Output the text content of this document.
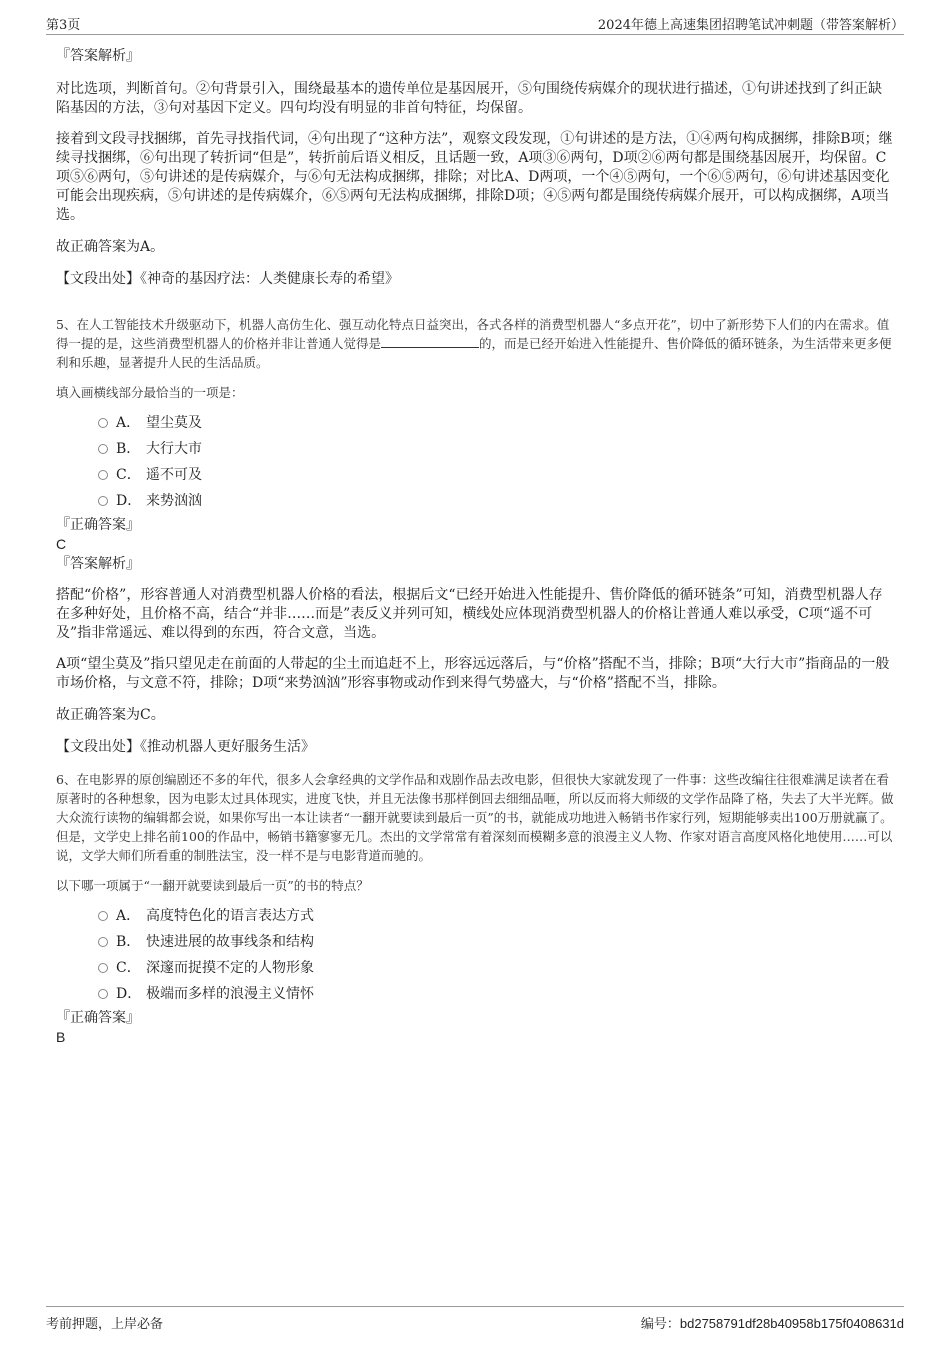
第3页	2024年德上高速集团招聘笔试冲刺题（带答案解析）

『答案解析』

对比选项，判断首句。②句背景引入，围绕最基本的遗传单位是基因展开，⑤句围绕传病媒介的现状进行描述，①句讲述找到了纠正缺陷基因的方法，③句对基因下定义。四句均没有明显的非首句特征，均保留。

接着到文段寻找捆绑，首先寻找指代词，④句出现了“这种方法”，观察文段发现，①句讲述的是方法，①④两句构成捆绑，排除B项；继续寻找捆绑，⑥句出现了转折词“但是”，转折前后语义相反，且话题一致，A项③⑥两句，D项②⑥两句都是围绕基因展开，均保留。C项⑤⑥两句，⑤句讲述的是传病媒介，与⑥句无法构成捆绑，排除；对比A、D两项，一个④⑤两句，一个⑥⑤两句，⑥句讲述基因变化可能会出现疾病，⑤句讲述的是传病媒介，⑥⑤两句无法构成捆绑，排除D项；④⑤两句都是围绕传病媒介展开，可以构成捆绑，A项当选。

故正确答案为A。

【文段出处】《神奇的基因疗法：人类健康长寿的希望》

5、在人工智能技术升级驱动下，机器人高仿生化、强互动化特点日益突出，各式各样的消费型机器人“多点开花”，切中了新形势下人们的内在需求。值得一提的是，这些消费型机器人的价格并非让普通人觉得是	的，而是已经开始进入性能提升、售价降低的循环链条，为生活带来更多便利和乐趣，显著提升人民的生活品质。

填入画横线部分最恰当的一项是：

A． 望尘莫及
B． 大行大市
C． 遥不可及
D． 来势汹汹

『正确答案』

C

『答案解析』

搭配“价格”，形容普通人对消费型机器人价格的看法，根据后文“已经开始进入性能提升、售价降低的循环链条”可知，消费型机器人存在多种好处，且价格不高，结合“并非……而是”表反义并列可知，横线处应体现消费型机器人的价格让普通人难以承受，C项“遥不可及”指非常遥远、难以得到的东西，符合文意，当选。

A项“望尘莫及”指只望见走在前面的人带起的尘土而追赶不上，形容远远落后，与“价格”搭配不当，排除；B项“大行大市”指商品的一般市场价格，与文意不符，排除；D项“来势汹汹”形容事物或动作到来得气势盛大，与“价格”搭配不当，排除。

故正确答案为C。

【文段出处】《推动机器人更好服务生活》

6、在电影界的原创编剧还不多的年代，很多人会拿经典的文学作品和戏剧作品去改电影，但很快大家就发现了一件事：这些改编往往很难满足读者在看原著时的各种想象，因为电影太过具体现实，进度飞快，并且无法像书那样倒回去细细品咂，所以反而将大师级的文学作品降了格，失去了大半光辉。做大众流行读物的编辑都会说，如果你写出一本让读者“一翻开就要读到最后一页”的书，就能成功地进入畅销书作家行列，短期能够卖出100万册就赢了。但是，文学史上排名前100的作品中，畅销书籍寥寥无几。杰出的文学常常有着深刻而模糊多意的浪漫主义人物、作家对语言高度风格化地使用……可以说，文学大师们所看重的制胜法宝，没一样不是与电影背道而驰的。

以下哪一项属于“一翻开就要读到最后一页”的书的特点？

A． 高度特色化的语言表达方式
B． 快速进展的故事线条和结构
C． 深邃而捉摸不定的人物形象
D． 极端而多样的浪漫主义情怀

『正确答案』

B

考前押题，上岸必备	编号：bd2758791df28b40958b175f0408631d
